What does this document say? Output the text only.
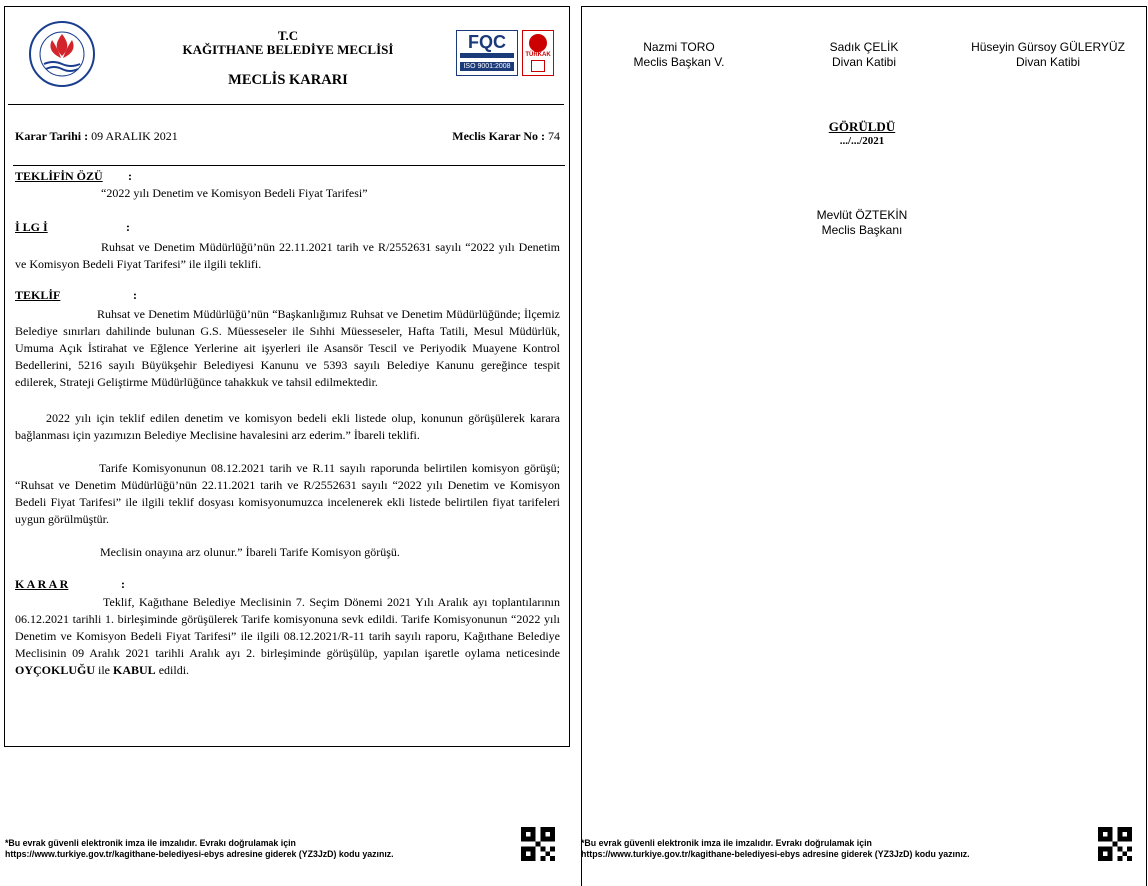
T.C
KAĞITHANE BELEDİYE MECLİSİ
MECLİS KARARI
FQC
ISO 9001:2008
TÜRKAK
Karar Tarihi : 09 ARALIK 2021	Meclis Karar No : 74
TEKLİFİN ÖZÜ :
“2022 yılı Denetim ve Komisyon Bedeli Fiyat Tarifesi”
İ LG İ	:
Ruhsat ve Denetim Müdürlüğü’nün 22.11.2021 tarih ve R/2552631 sayılı “2022 yılı Denetim ve Komisyon Bedeli Fiyat Tarifesi” ile ilgili teklifi.
TEKLİF	:
Ruhsat ve Denetim Müdürlüğü’nün “Başkanlığımız Ruhsat ve Denetim Müdürlüğünde; İlçemiz Belediye sınırları dahilinde bulunan G.S. Müesseseler ile Sıhhi Müesseseler, Hafta Tatili, Mesul Müdürlük, Umuma Açık İstirahat ve Eğlence Yerlerine ait işyerleri ile Asansör Tescil ve Periyodik Muayene Kontrol Bedellerini, 5216 sayılı Büyükşehir Belediyesi Kanunu ve 5393 sayılı Belediye Kanunu gereğince tespit edilerek, Strateji Geliştirme Müdürlüğünce tahakkuk ve tahsil edilmektedir.
2022 yılı için teklif edilen denetim ve komisyon bedeli ekli listede olup, konunun görüşülerek karara bağlanması için yazımızın Belediye Meclisine havalesini arz ederim.” İbareli teklifi.
Tarife Komisyonunun 08.12.2021 tarih ve R.11 sayılı raporunda belirtilen komisyon görüşü; “Ruhsat ve Denetim Müdürlüğü’nün 22.11.2021 tarih ve R/2552631 sayılı “2022 yılı Denetim ve Komisyon Bedeli Fiyat Tarifesi” ile ilgili teklif dosyası komisyonumuzca incelenerek ekli listede belirtilen fiyat tarifeleri uygun görülmüştür.
Meclisin onayına arz olunur.” İbareli Tarife Komisyon görüşü.
K A R A R	:
Teklif, Kağıthane Belediye Meclisinin 7. Seçim Dönemi 2021 Yılı Aralık ayı toplantılarının 06.12.2021 tarihli 1. birleşiminde görüşülerek Tarife komisyonuna sevk edildi. Tarife Komisyonunun “2022 yılı Denetim ve Komisyon Bedeli Fiyat Tarifesi” ile ilgili 08.12.2021/R-11 tarih sayılı raporu, Kağıthane Belediye Meclisinin 09 Aralık 2021 tarihli Aralık ayı 2. birleşiminde görüşülüp, yapılan işaretle oylama neticesinde OYÇOKLUĞU ile KABUL edildi.
*Bu evrak güvenli elektronik imza ile imzalıdır. Evrakı doğrulamak için
https://www.turkiye.gov.tr/kagithane-belediyesi-ebys adresine giderek (YZ3JzD) kodu yazınız.
Nazmi TORO
Meclis Başkan V.
Sadık ÇELİK
Divan Katibi
Hüseyin Gürsoy GÜLERYÜZ
Divan Katibi
GÖRÜLDÜ
.../.../2021
Mevlüt ÖZTEKİN
Meclis Başkanı
*Bu evrak güvenli elektronik imza ile imzalıdır. Evrakı doğrulamak için
https://www.turkiye.gov.tr/kagithane-belediyesi-ebys adresine giderek (YZ3JzD) kodu yazınız.
